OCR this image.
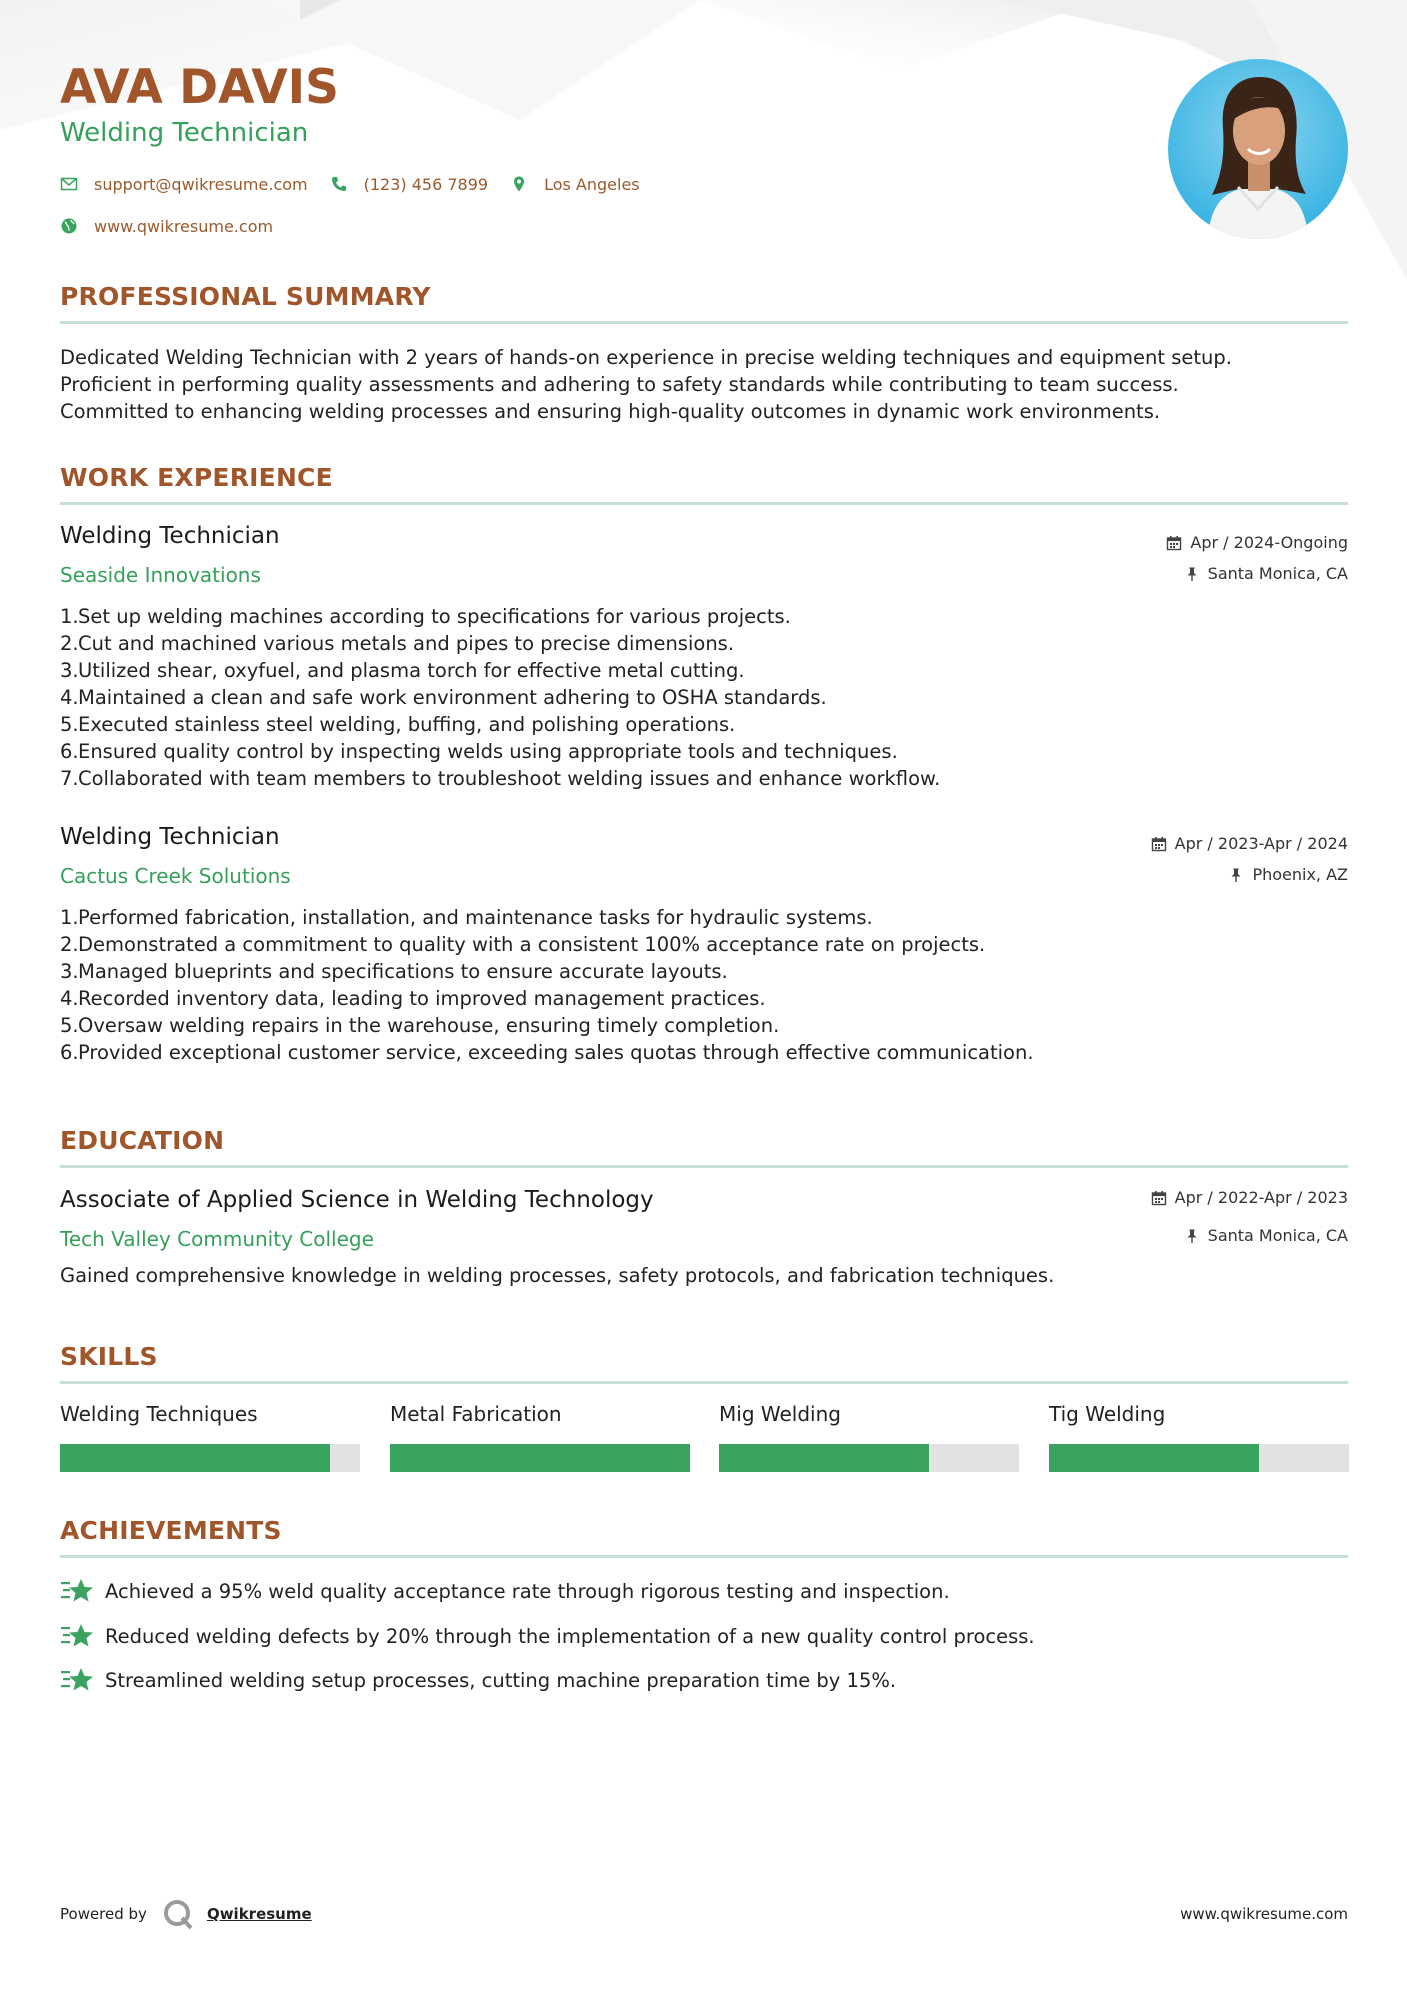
AVA DAVIS
Welding Technician
support@qwikresume.com	(123) 456 7899	Los Angeles
www.qwikresume.com
PROFESSIONAL SUMMARY
Dedicated Welding Technician with 2 years of hands-on experience in precise welding techniques and equipment setup.
Proficient in performing quality assessments and adhering to safety standards while contributing to team success.
Committed to enhancing welding processes and ensuring high-quality outcomes in dynamic work environments.
WORK EXPERIENCE
Welding Technician
Seaside Innovations
Apr / 2024-Ongoing
Santa Monica, CA
1. Set up welding machines according to specifications for various projects.
2. Cut and machined various metals and pipes to precise dimensions.
3. Utilized shear, oxyfuel, and plasma torch for effective metal cutting.
4. Maintained a clean and safe work environment adhering to OSHA standards.
5. Executed stainless steel welding, buffing, and polishing operations.
6. Ensured quality control by inspecting welds using appropriate tools and techniques.
7. Collaborated with team members to troubleshoot welding issues and enhance workflow.
Welding Technician
Cactus Creek Solutions
Apr / 2023-Apr / 2024
Phoenix, AZ
1. Performed fabrication, installation, and maintenance tasks for hydraulic systems.
2. Demonstrated a commitment to quality with a consistent 100% acceptance rate on projects.
3. Managed blueprints and specifications to ensure accurate layouts.
4. Recorded inventory data, leading to improved management practices.
5. Oversaw welding repairs in the warehouse, ensuring timely completion.
6. Provided exceptional customer service, exceeding sales quotas through effective communication.
EDUCATION
Associate of Applied Science in Welding Technology
Tech Valley Community College
Apr / 2022-Apr / 2023
Santa Monica, CA
Gained comprehensive knowledge in welding processes, safety protocols, and fabrication techniques.
SKILLS
Welding Techniques	Metal Fabrication	Mig Welding	Tig Welding
ACHIEVEMENTS
Achieved a 95% weld quality acceptance rate through rigorous testing and inspection.
Reduced welding defects by 20% through the implementation of a new quality control process.
Streamlined welding setup processes, cutting machine preparation time by 15%.
Powered by	Qwikresume	www.qwikresume.com
